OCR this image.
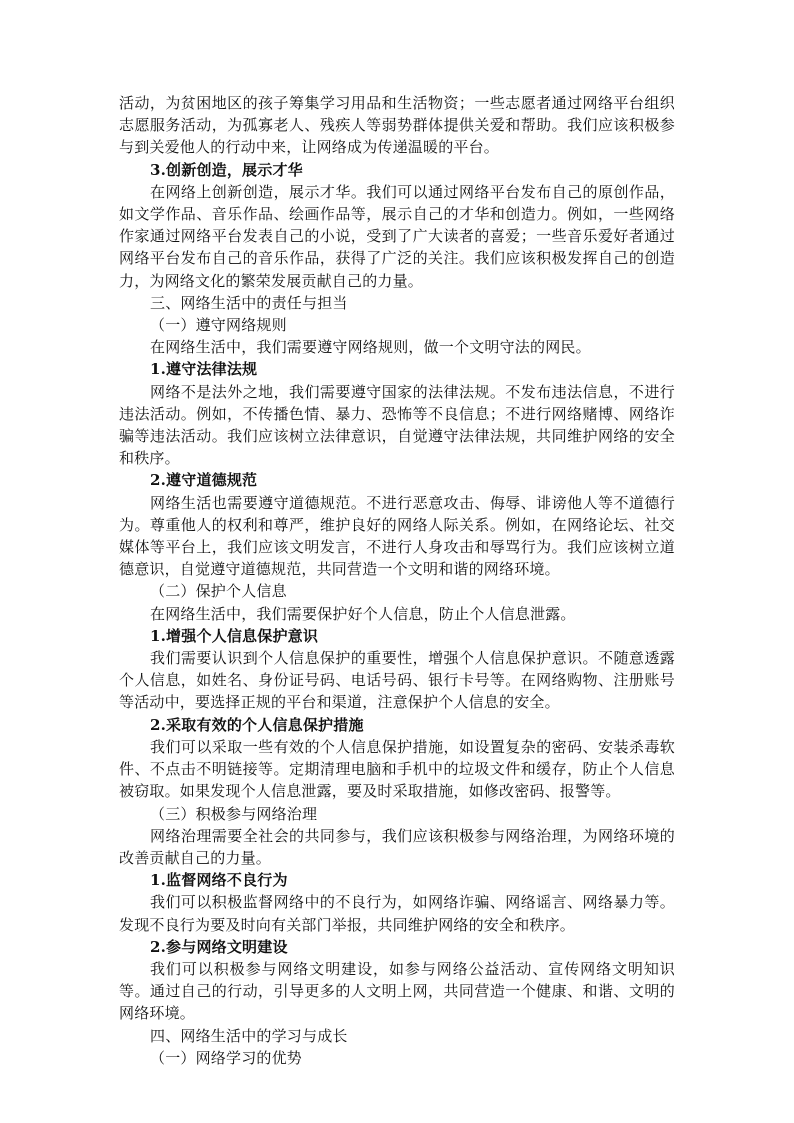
活动，为贫困地区的孩子筹集学习用品和生活物资；一些志愿者通过网络平台组织志愿服务活动，为孤寡老人、残疾人等弱势群体提供关爱和帮助。我们应该积极参与到关爱他人的行动中来，让网络成为传递温暖的平台。

3.创新创造，展示才华

在网络上创新创造，展示才华。我们可以通过网络平台发布自己的原创作品，如文学作品、音乐作品、绘画作品等，展示自己的才华和创造力。例如，一些网络作家通过网络平台发表自己的小说，受到了广大读者的喜爱；一些音乐爱好者通过网络平台发布自己的音乐作品，获得了广泛的关注。我们应该积极发挥自己的创造力，为网络文化的繁荣发展贡献自己的力量。

三、网络生活中的责任与担当

（一）遵守网络规则

在网络生活中，我们需要遵守网络规则，做一个文明守法的网民。

1.遵守法律法规

网络不是法外之地，我们需要遵守国家的法律法规。不发布违法信息，不进行违法活动。例如，不传播色情、暴力、恐怖等不良信息；不进行网络赌博、网络诈骗等违法活动。我们应该树立法律意识，自觉遵守法律法规，共同维护网络的安全和秩序。

2.遵守道德规范

网络生活也需要遵守道德规范。不进行恶意攻击、侮辱、诽谤他人等不道德行为。尊重他人的权利和尊严，维护良好的网络人际关系。例如，在网络论坛、社交媒体等平台上，我们应该文明发言，不进行人身攻击和辱骂行为。我们应该树立道德意识，自觉遵守道德规范，共同营造一个文明和谐的网络环境。

（二）保护个人信息

在网络生活中，我们需要保护好个人信息，防止个人信息泄露。

1.增强个人信息保护意识

我们需要认识到个人信息保护的重要性，增强个人信息保护意识。不随意透露个人信息，如姓名、身份证号码、电话号码、银行卡号等。在网络购物、注册账号等活动中，要选择正规的平台和渠道，注意保护个人信息的安全。

2.采取有效的个人信息保护措施

我们可以采取一些有效的个人信息保护措施，如设置复杂的密码、安装杀毒软件、不点击不明链接等。定期清理电脑和手机中的垃圾文件和缓存，防止个人信息被窃取。如果发现个人信息泄露，要及时采取措施，如修改密码、报警等。

（三）积极参与网络治理

网络治理需要全社会的共同参与，我们应该积极参与网络治理，为网络环境的改善贡献自己的力量。

1.监督网络不良行为

我们可以积极监督网络中的不良行为，如网络诈骗、网络谣言、网络暴力等。发现不良行为要及时向有关部门举报，共同维护网络的安全和秩序。

2.参与网络文明建设

我们可以积极参与网络文明建设，如参与网络公益活动、宣传网络文明知识等。通过自己的行动，引导更多的人文明上网，共同营造一个健康、和谐、文明的网络环境。

四、网络生活中的学习与成长

（一）网络学习的优势
